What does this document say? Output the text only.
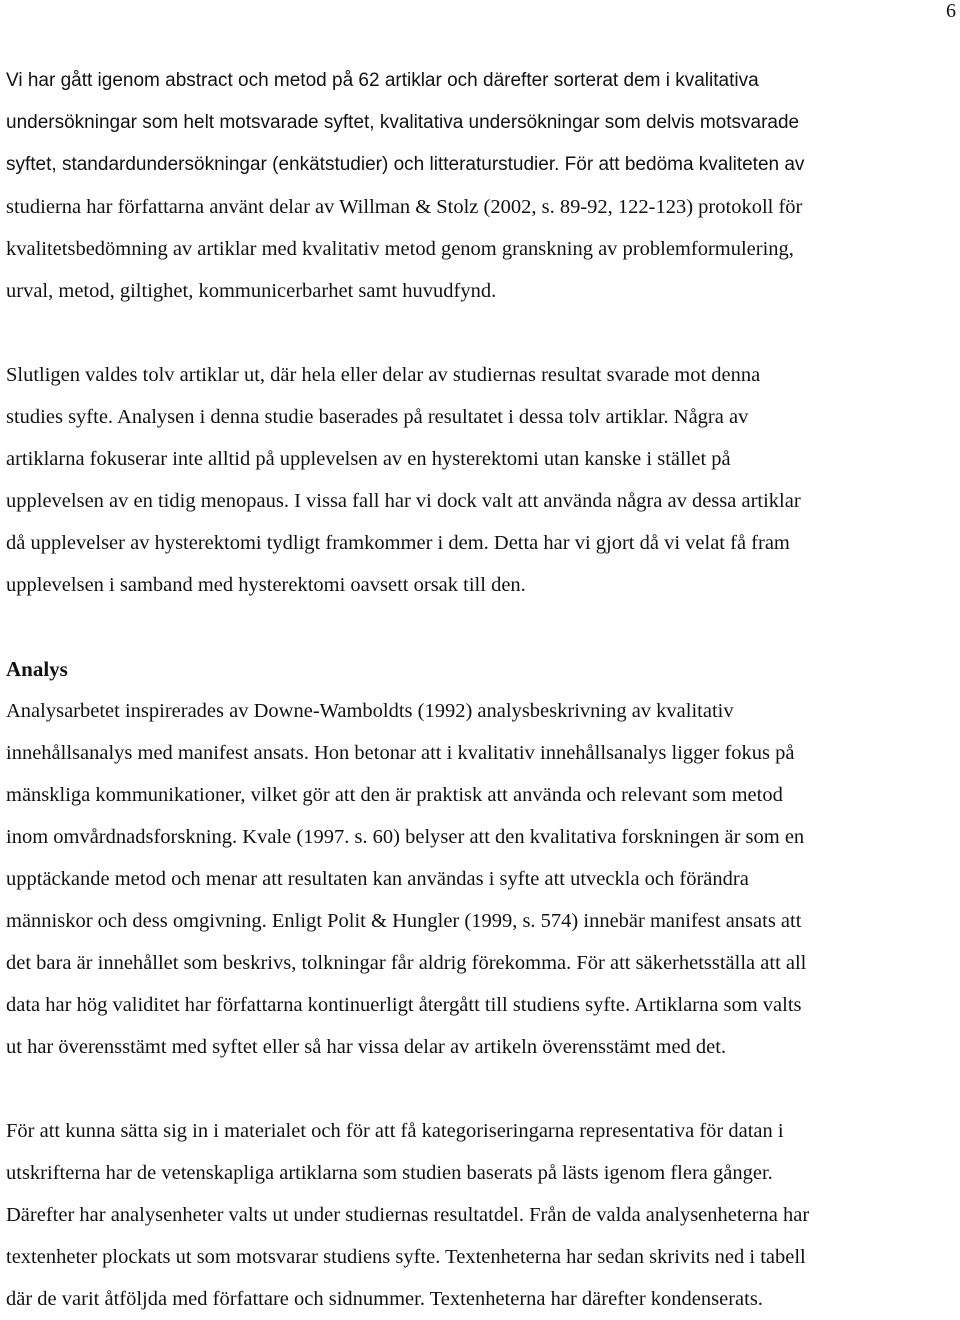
6
Vi har gått igenom abstract och metod på 62 artiklar och därefter sorterat dem i kvalitativa
undersökningar som helt motsvarade syftet, kvalitativa undersökningar som delvis motsvarade
syftet, standardundersökningar (enkätstudier) och litteraturstudier. För att bedöma kvaliteten av
studierna har författarna använt delar av Willman & Stolz (2002, s. 89-92, 122-123) protokoll för
kvalitetsbedömning av artiklar med kvalitativ metod genom granskning av problemformulering,
urval, metod, giltighet, kommunicerbarhet samt huvudfynd.
Slutligen valdes tolv artiklar ut, där hela eller delar av studiernas resultat svarade mot denna
studies syfte. Analysen i denna studie baserades på resultatet i dessa tolv artiklar. Några av
artiklarna fokuserar inte alltid på upplevelsen av en hysterektomi utan kanske i stället på
upplevelsen av en tidig menopaus. I vissa fall har vi dock valt att använda några av dessa artiklar
då upplevelser av hysterektomi tydligt framkommer i dem. Detta har vi gjort då vi velat få fram
upplevelsen i samband med hysterektomi oavsett orsak till den.
Analys
Analysarbetet inspirerades av Downe-Wamboldts (1992) analysbeskrivning av kvalitativ
innehållsanalys med manifest ansats. Hon betonar att i kvalitativ innehållsanalys ligger fokus på
mänskliga kommunikationer, vilket gör att den är praktisk att använda och relevant som metod
inom omvårdnadsforskning. Kvale (1997. s. 60) belyser att den kvalitativa forskningen är som en
upptäckande metod och menar att resultaten kan användas i syfte att utveckla och förändra
människor och dess omgivning. Enligt Polit & Hungler (1999, s. 574) innebär manifest ansats att
det bara är innehållet som beskrivs, tolkningar får aldrig förekomma. För att säkerhetsställa att all
data har hög validitet har författarna kontinuerligt återgått till studiens syfte. Artiklarna som valts
ut har överensstämt med syftet eller så har vissa delar av artikeln överensstämt med det.
För att kunna sätta sig in i materialet och för att få kategoriseringarna representativa för datan i
utskrifterna har de vetenskapliga artiklarna som studien baserats på lästs igenom flera gånger.
Därefter har analysenheter valts ut under studiernas resultatdel. Från de valda analysenheterna har
textenheter plockats ut som motsvarar studiens syfte. Textenheterna har sedan skrivits ned i tabell
där de varit åtföljda med författare och sidnummer. Textenheterna har därefter kondenserats.
